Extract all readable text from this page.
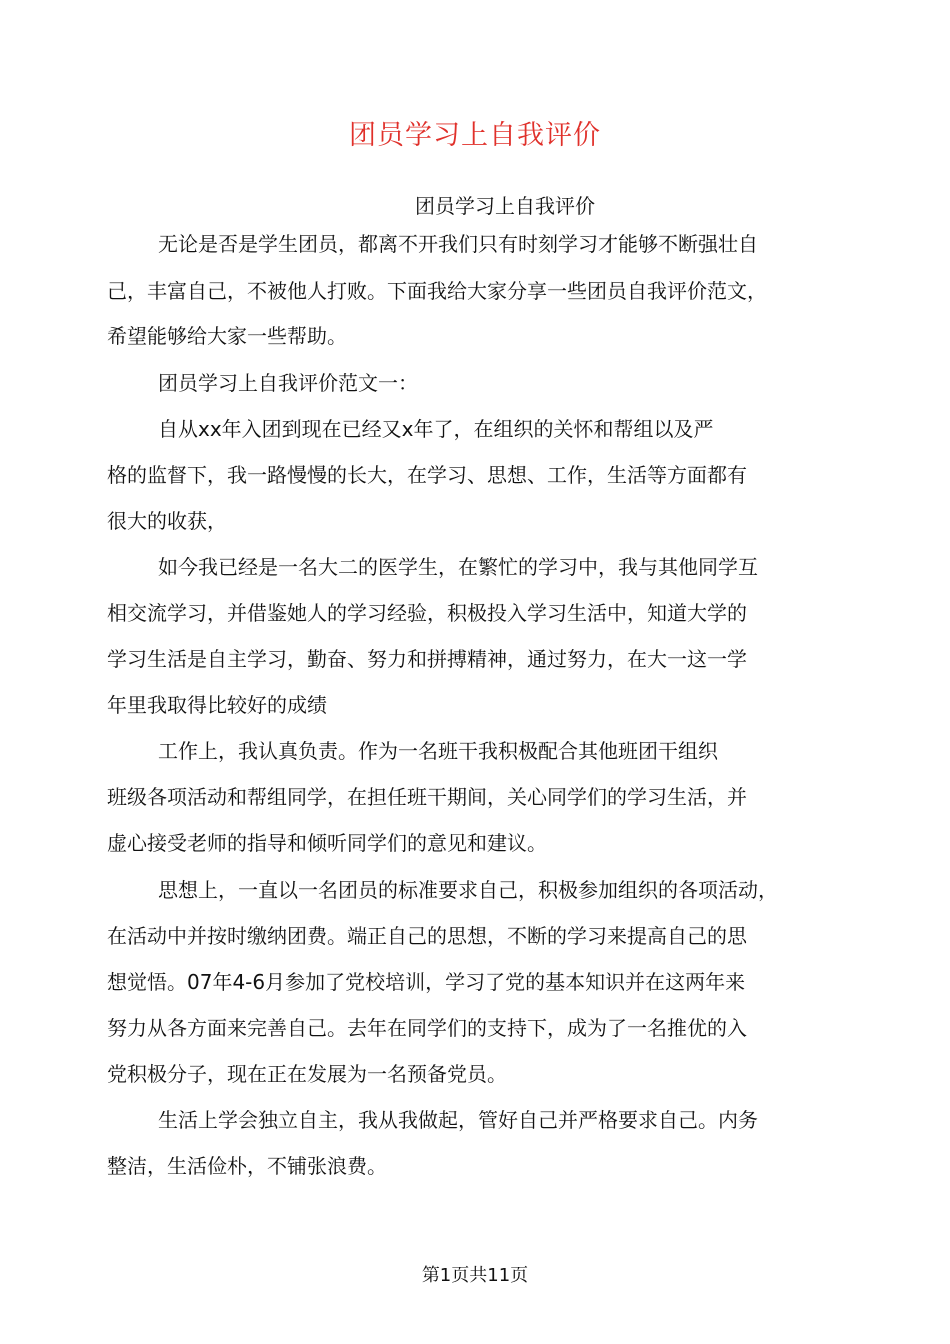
团员学习上自我评价
团员学习上自我评价
无论是否是学生团员，都离不开我们只有时刻学习才能够不断强壮自
己，丰富自己，不被他人打败。下面我给大家分享一些团员自我评价范文，
希望能够给大家一些帮助。
团员学习上自我评价范文一：
自从xx年入团到现在已经又x年了，在组织的关怀和帮组以及严
格的监督下，我一路慢慢的长大，在学习、思想、工作，生活等方面都有
很大的收获，
如今我已经是一名大二的医学生，在繁忙的学习中，我与其他同学互
相交流学习，并借鉴她人的学习经验，积极投入学习生活中，知道大学的
学习生活是自主学习，勤奋、努力和拼搏精神，通过努力，在大一这一学
年里我取得比较好的成绩
工作上，我认真负责。作为一名班干我积极配合其他班团干组织
班级各项活动和帮组同学，在担任班干期间，关心同学们的学习生活，并
虚心接受老师的指导和倾听同学们的意见和建议。
思想上，一直以一名团员的标准要求自己，积极参加组织的各项活动，
在活动中并按时缴纳团费。端正自己的思想，不断的学习来提高自己的思
想觉悟。07年4-6月参加了党校培训，学习了党的基本知识并在这两年来
努力从各方面来完善自己。去年在同学们的支持下，成为了一名推优的入
党积极分子，现在正在发展为一名预备党员。
生活上学会独立自主，我从我做起，管好自己并严格要求自己。内务
整洁，生活俭朴，不铺张浪费。
第1页共11页
